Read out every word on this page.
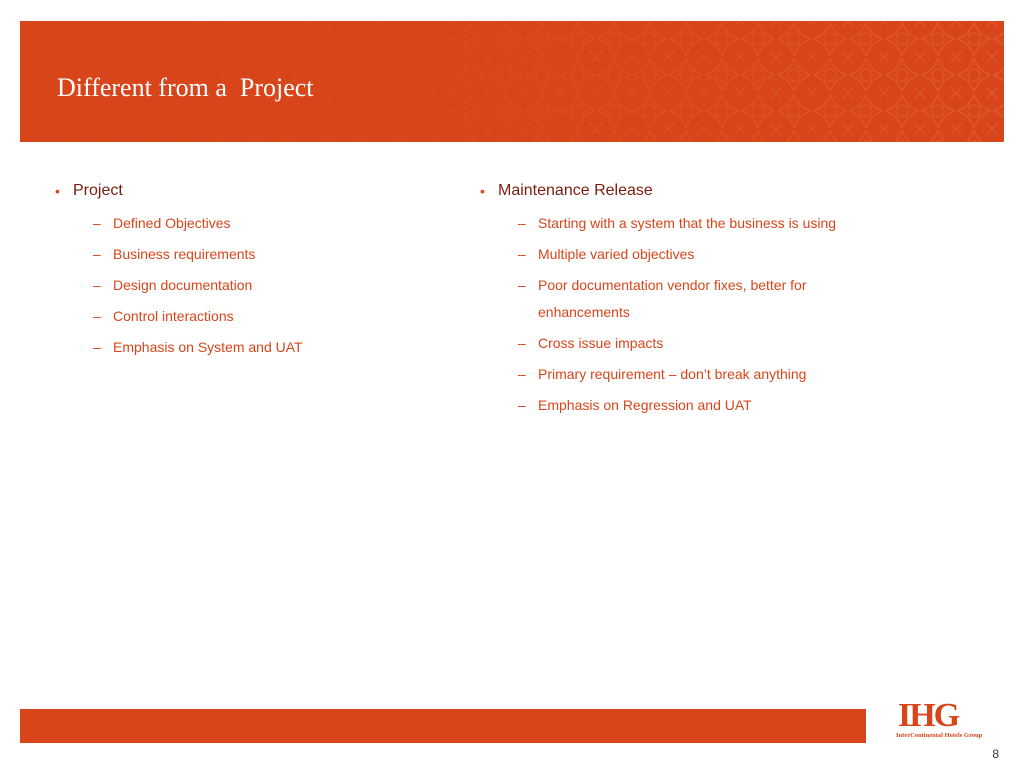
Different from a  Project
• Project
– Defined Objectives
– Business requirements
– Design documentation
– Control interactions
– Emphasis on System and UAT
• Maintenance Release
– Starting with a system that the business is using
– Multiple varied objectives
– Poor documentation vendor fixes, better for enhancements
– Cross issue impacts
– Primary requirement – don’t break anything
– Emphasis on Regression and UAT
IHG
InterContinental Hotels Group
8
